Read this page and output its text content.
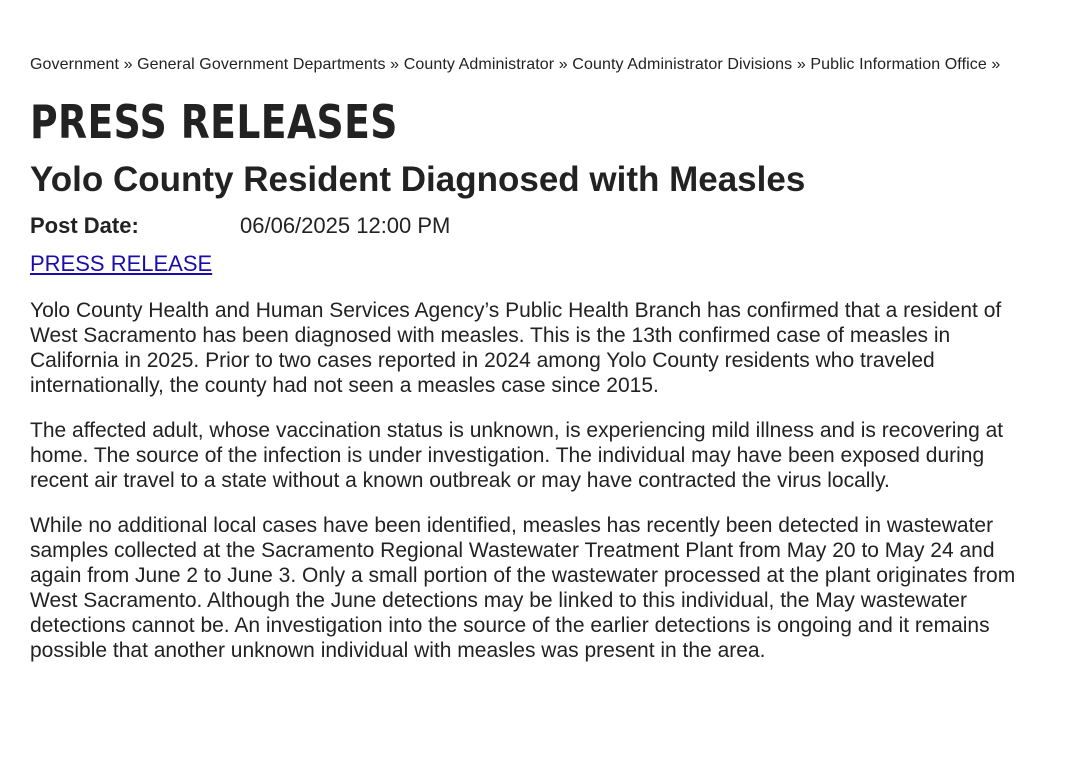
Government » General Government Departments » County Administrator » County Administrator Divisions » Public Information Office »
PRESS RELEASES
Yolo County Resident Diagnosed with Measles
Post Date:	06/06/2025 12:00 PM
PRESS RELEASE

Yolo County Health and Human Services Agency’s Public Health Branch has confirmed that a resident of West Sacramento has been diagnosed with measles. This is the 13th confirmed case of measles in California in 2025. Prior to two cases reported in 2024 among Yolo County residents who traveled internationally, the county had not seen a measles case since 2015.

The affected adult, whose vaccination status is unknown, is experiencing mild illness and is recovering at home. The source of the infection is under investigation. The individual may have been exposed during recent air travel to a state without a known outbreak or may have contracted the virus locally.

While no additional local cases have been identified, measles has recently been detected in wastewater samples collected at the Sacramento Regional Wastewater Treatment Plant from May 20 to May 24 and again from June 2 to June 3. Only a small portion of the wastewater processed at the plant originates from West Sacramento. Although the June detections may be linked to this individual, the May wastewater detections cannot be. An investigation into the source of the earlier detections is ongoing and it remains possible that another unknown individual with measles was present in the area.
